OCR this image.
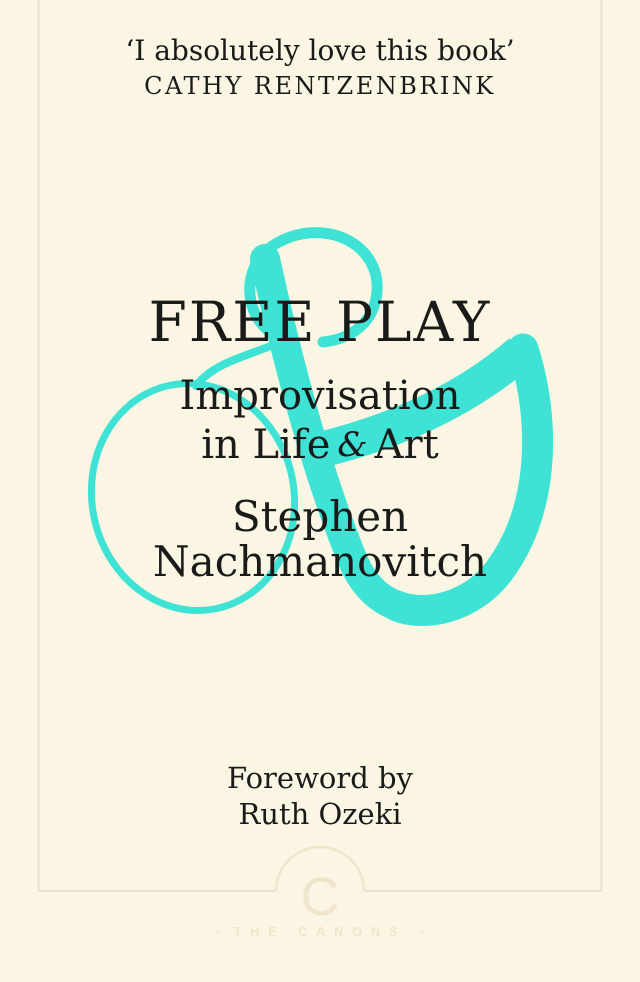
‘I absolutely love this book’
CATHY RENTZENBRINK
FREE PLAY
Improvisation
in Life & Art
Stephen
Nachmanovitch
Foreword by
Ruth Ozeki
C
• THE CANONS •
